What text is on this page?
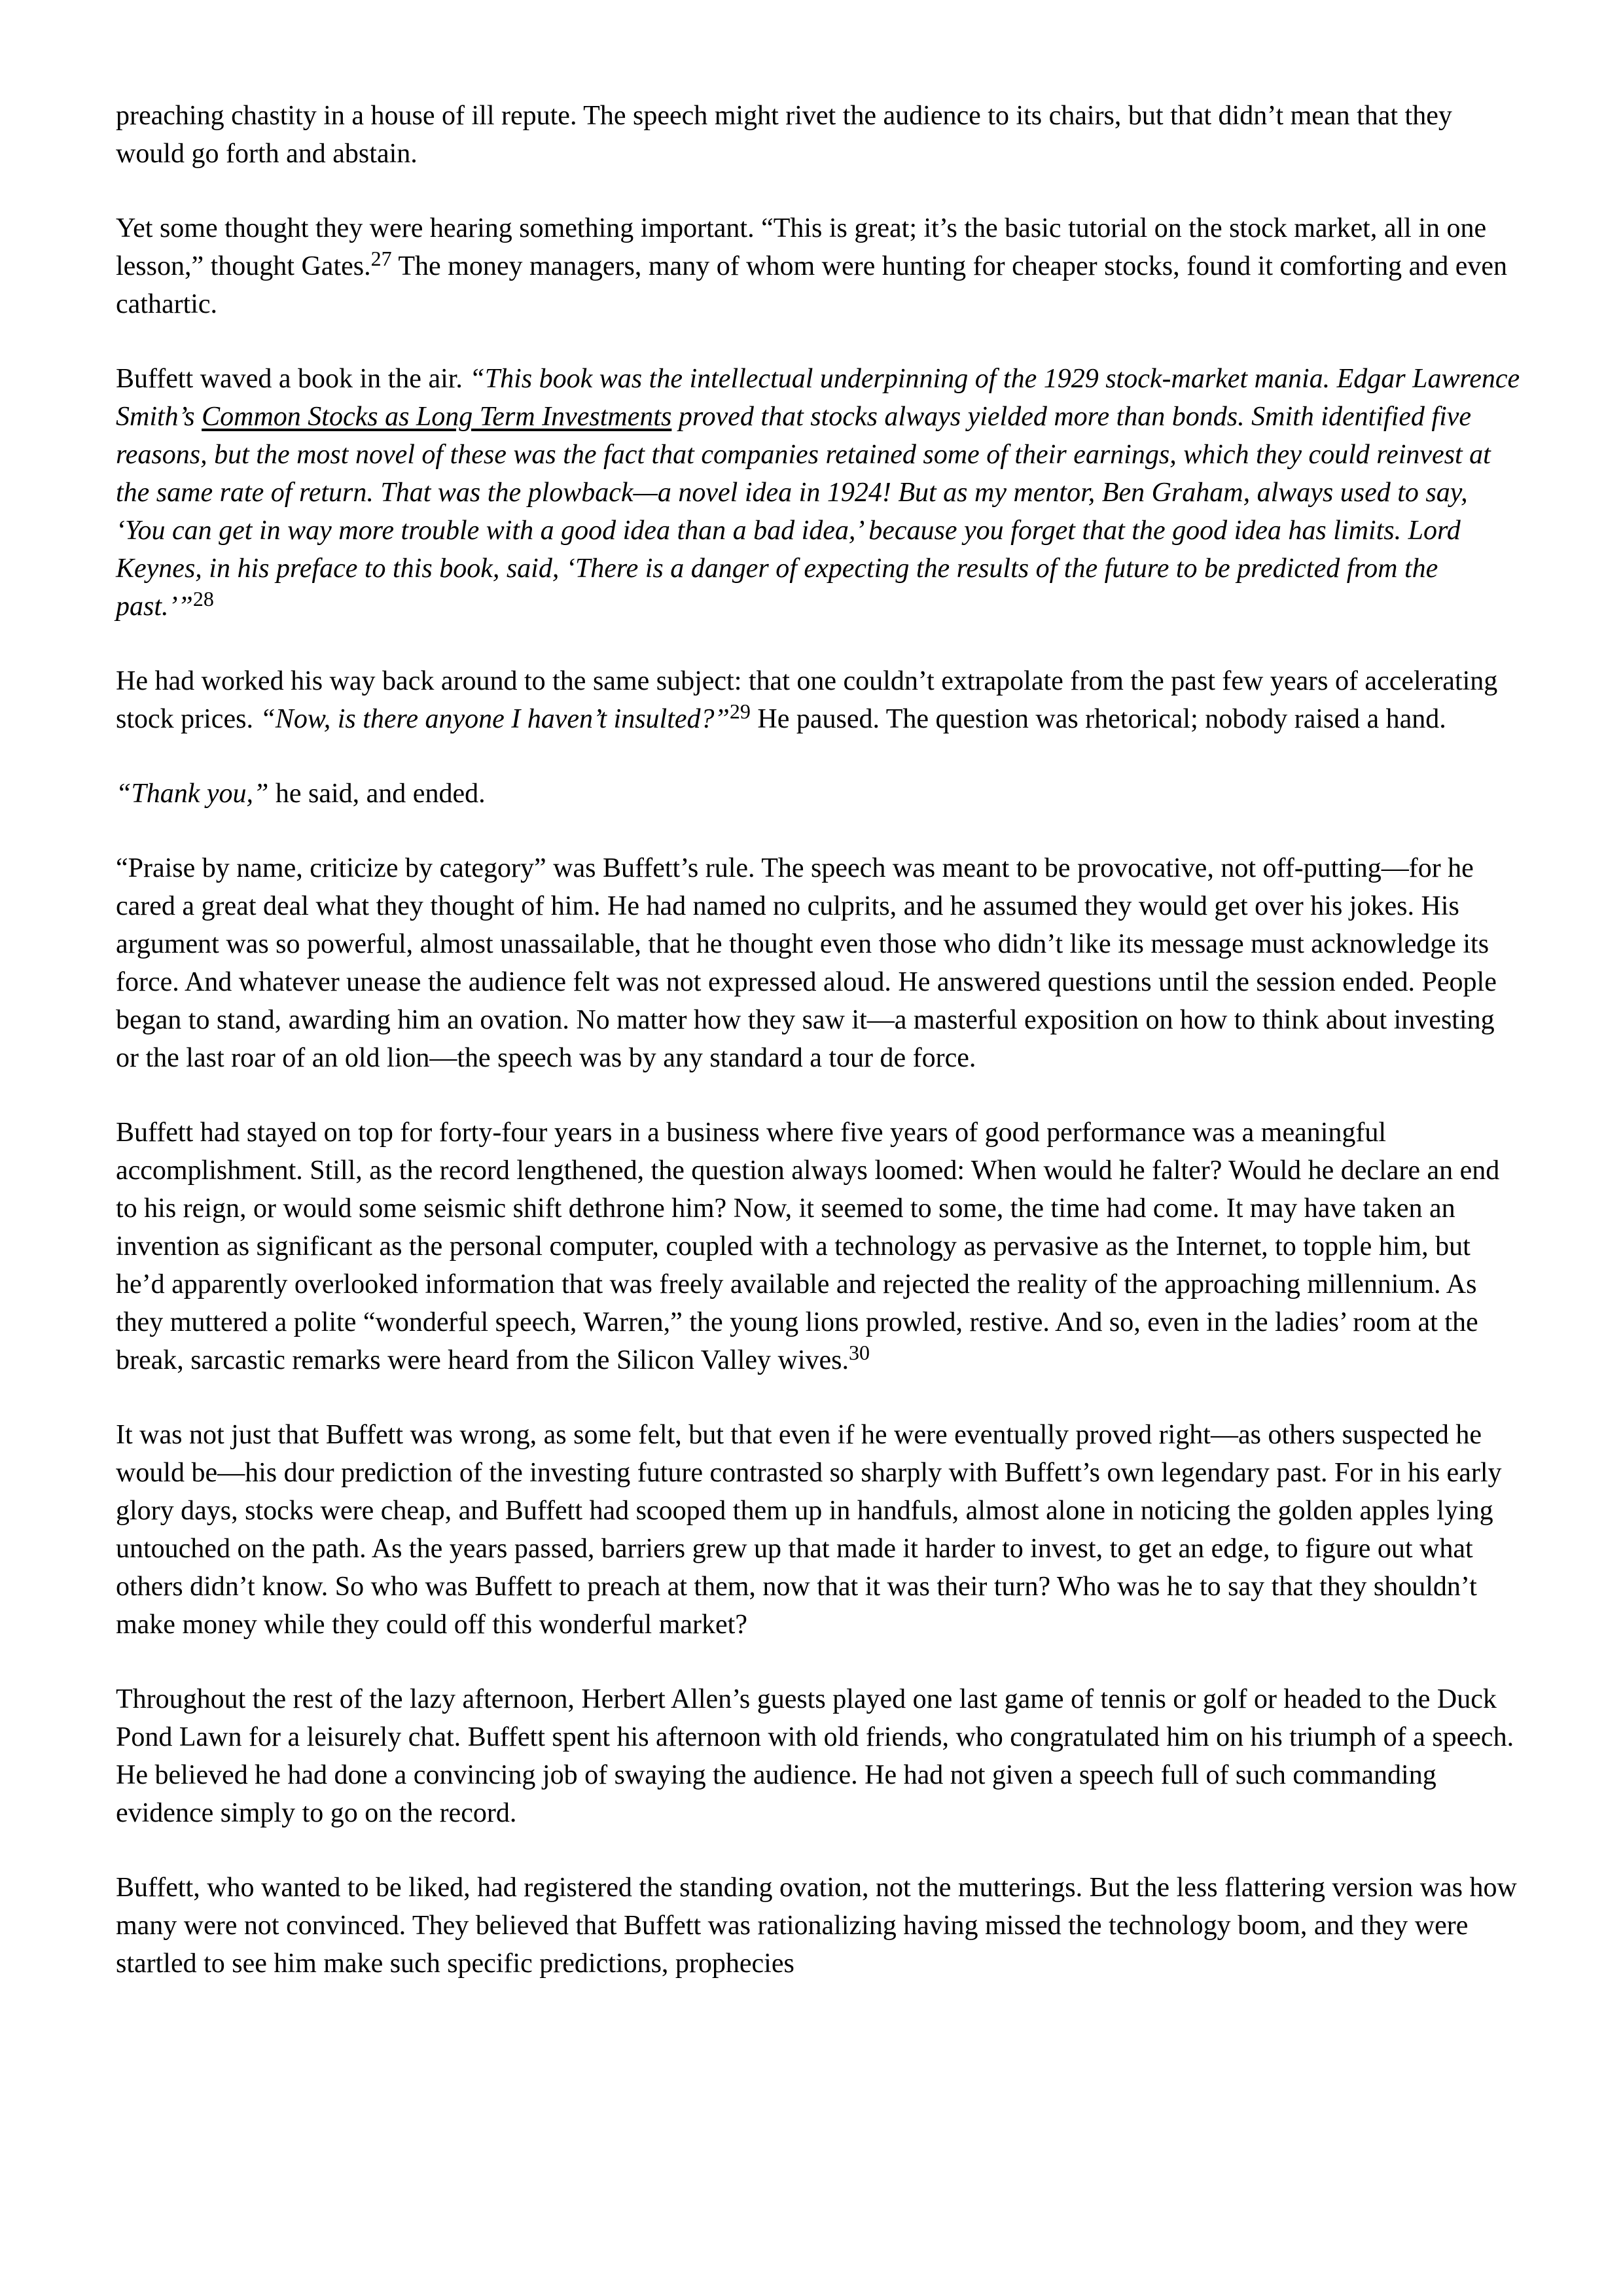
preaching chastity in a house of ill repute. The speech might rivet the audience to its chairs, but that didn’t mean that they would go forth and abstain.

Yet some thought they were hearing something important. “This is great; it’s the basic tutorial on the stock market, all in one lesson,” thought Gates.$^{27}$ The money managers, many of whom were hunting for cheaper stocks, found it comforting and even cathartic.

Buffett waved a book in the air. “This book was the intellectual underpinning of the 1929 stock-market mania. Edgar Lawrence Smith’s Common Stocks as Long Term Investments proved that stocks always yielded more than bonds. Smith identified five reasons, but the most novel of these was the fact that companies retained some of their earnings, which they could reinvest at the same rate of return. That was the plowback—a novel idea in 1924! But as my mentor, Ben Graham, always used to say, ‘You can get in way more trouble with a good idea than a bad idea,’ because you forget that the good idea has limits. Lord Keynes, in his preface to this book, said, ‘There is a danger of expecting the results of the future to be predicted from the past.’”$^{28}$

He had worked his way back around to the same subject: that one couldn’t extrapolate from the past few years of accelerating stock prices. “Now, is there anyone I haven’t insulted?”$^{29}$ He paused. The question was rhetorical; nobody raised a hand.

“Thank you,” he said, and ended.

“Praise by name, criticize by category” was Buffett’s rule. The speech was meant to be provocative, not off-putting—for he cared a great deal what they thought of him. He had named no culprits, and he assumed they would get over his jokes. His argument was so powerful, almost unassailable, that he thought even those who didn’t like its message must acknowledge its force. And whatever unease the audience felt was not expressed aloud. He answered questions until the session ended. People began to stand, awarding him an ovation. No matter how they saw it—a masterful exposition on how to think about investing or the last roar of an old lion—the speech was by any standard a tour de force.

Buffett had stayed on top for forty-four years in a business where five years of good performance was a meaningful accomplishment. Still, as the record lengthened, the question always loomed: When would he falter? Would he declare an end to his reign, or would some seismic shift dethrone him? Now, it seemed to some, the time had come. It may have taken an invention as significant as the personal computer, coupled with a technology as pervasive as the Internet, to topple him, but he’d apparently overlooked information that was freely available and rejected the reality of the approaching millennium. As they muttered a polite “wonderful speech, Warren,” the young lions prowled, restive. And so, even in the ladies’ room at the break, sarcastic remarks were heard from the Silicon Valley wives.$^{30}$

It was not just that Buffett was wrong, as some felt, but that even if he were eventually proved right—as others suspected he would be—his dour prediction of the investing future contrasted so sharply with Buffett’s own legendary past. For in his early glory days, stocks were cheap, and Buffett had scooped them up in handfuls, almost alone in noticing the golden apples lying untouched on the path. As the years passed, barriers grew up that made it harder to invest, to get an edge, to figure out what others didn’t know. So who was Buffett to preach at them, now that it was their turn? Who was he to say that they shouldn’t make money while they could off this wonderful market?

Throughout the rest of the lazy afternoon, Herbert Allen’s guests played one last game of tennis or golf or headed to the Duck Pond Lawn for a leisurely chat. Buffett spent his afternoon with old friends, who congratulated him on his triumph of a speech. He believed he had done a convincing job of swaying the audience. He had not given a speech full of such commanding evidence simply to go on the record.

Buffett, who wanted to be liked, had registered the standing ovation, not the mutterings. But the less flattering version was how many were not convinced. They believed that Buffett was rationalizing having missed the technology boom, and they were startled to see him make such specific predictions, prophecies
